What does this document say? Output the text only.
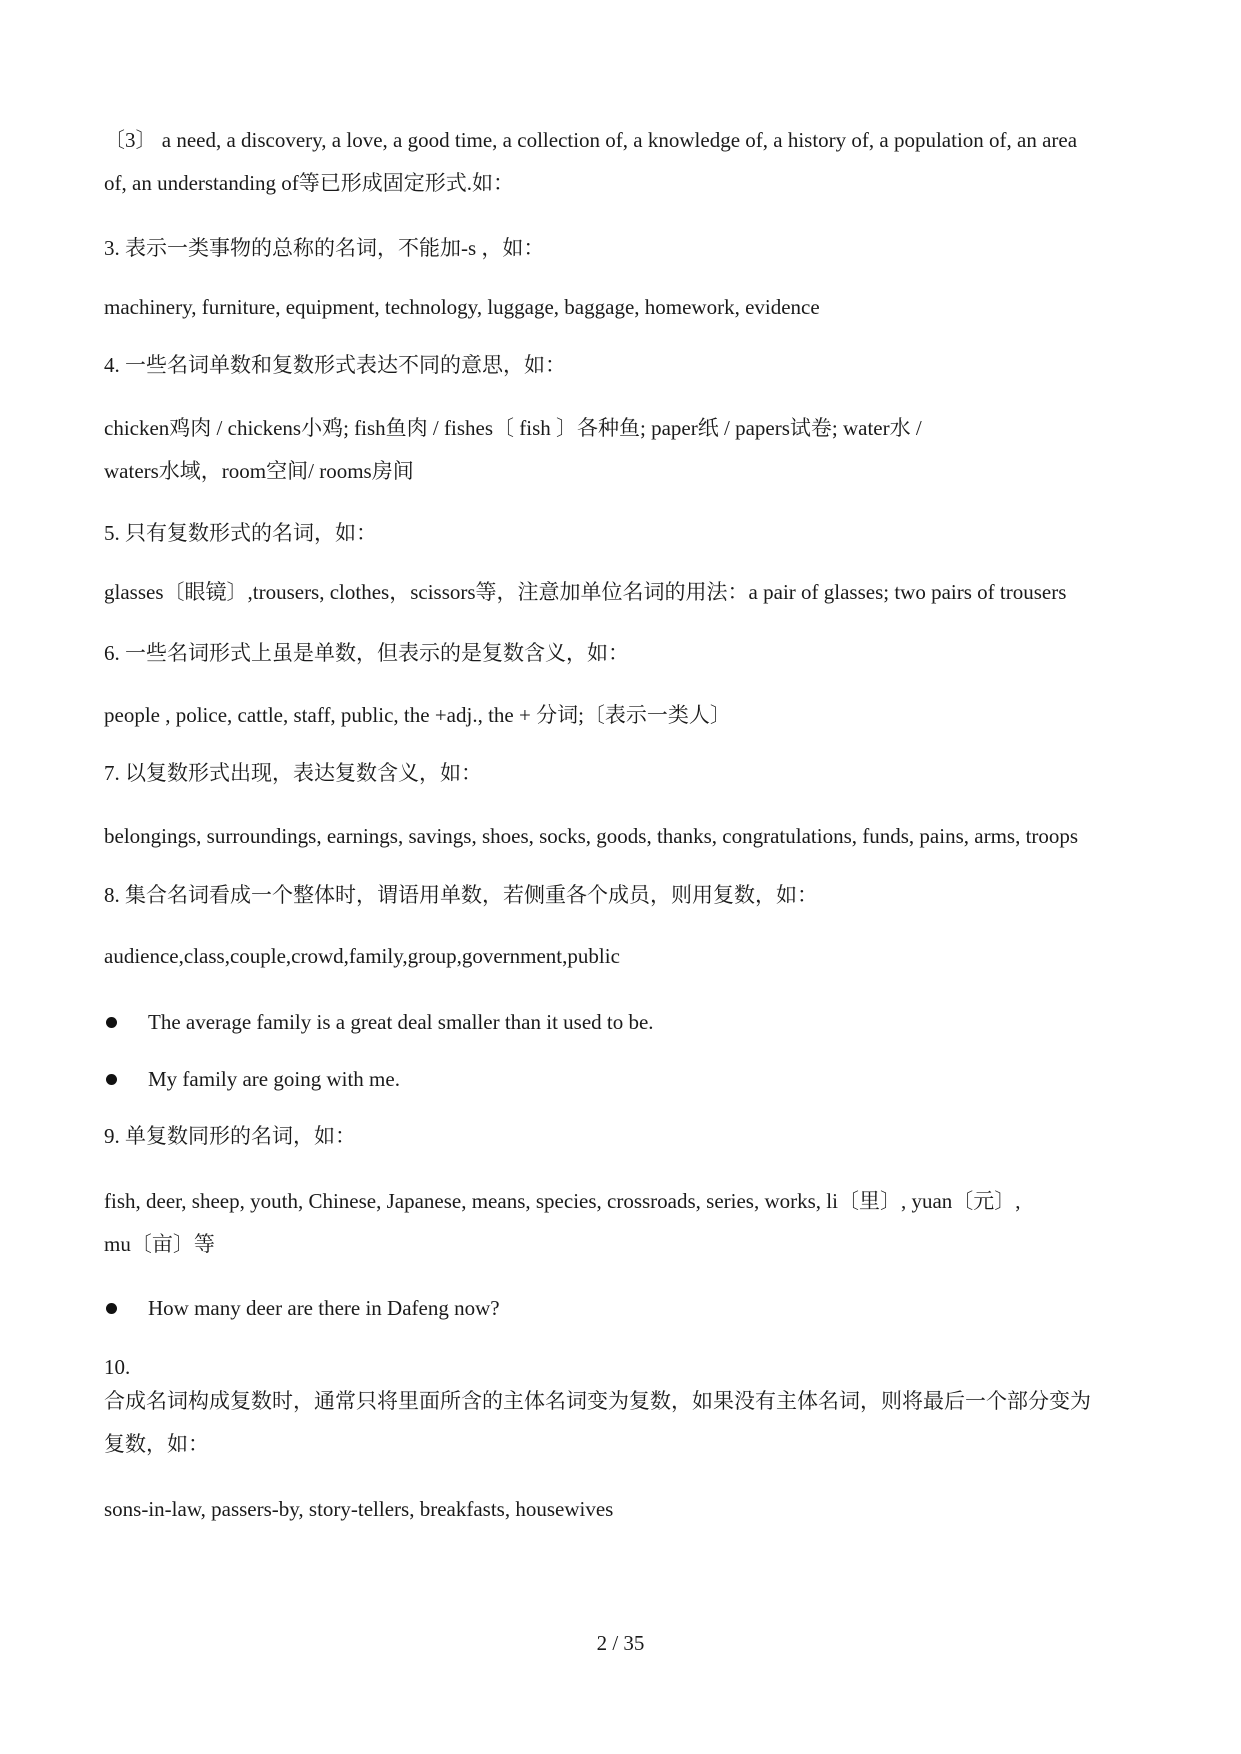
〔3〕 a need, a discovery, a love, a good time, a collection of, a knowledge of, a history of, a population of, an area
of, an understanding of等已形成固定形式.如：
3. 表示一类事物的总称的名词，不能加-s ，如：
machinery, furniture, equipment, technology, luggage, baggage, homework, evidence
4. 一些名词单数和复数形式表达不同的意思，如：
chicken鸡肉 / chickens小鸡; fish鱼肉 / fishes〔 fish 〕各种鱼; paper纸 / papers试卷; water水 /
waters水域，room空间/ rooms房间
5. 只有复数形式的名词，如：
glasses〔眼镜〕,trousers, clothes，scissors等，注意加单位名词的用法：a pair of glasses; two pairs of trousers
6. 一些名词形式上虽是单数，但表示的是复数含义，如：
people , police, cattle, staff, public, the +adj., the + 分词;〔表示一类人〕
7. 以复数形式出现，表达复数含义，如：
belongings, surroundings, earnings, savings, shoes, socks, goods, thanks, congratulations, funds, pains, arms, troops
8. 集合名词看成一个整体时，谓语用单数，若侧重各个成员，则用复数，如：
audience,class,couple,crowd,family,group,government,public
The average family is a great deal smaller than it used to be.
My family are going with me.
9. 单复数同形的名词，如：
fish, deer, sheep, youth, Chinese, Japanese, means, species, crossroads, series, works, li〔里〕, yuan〔元〕,
mu〔亩〕等
How many deer are there in Dafeng now?
10.
合成名词构成复数时，通常只将里面所含的主体名词变为复数，如果没有主体名词，则将最后一个部分变为
复数，如：
sons-in-law, passers-by, story-tellers, breakfasts, housewives
2 / 35
